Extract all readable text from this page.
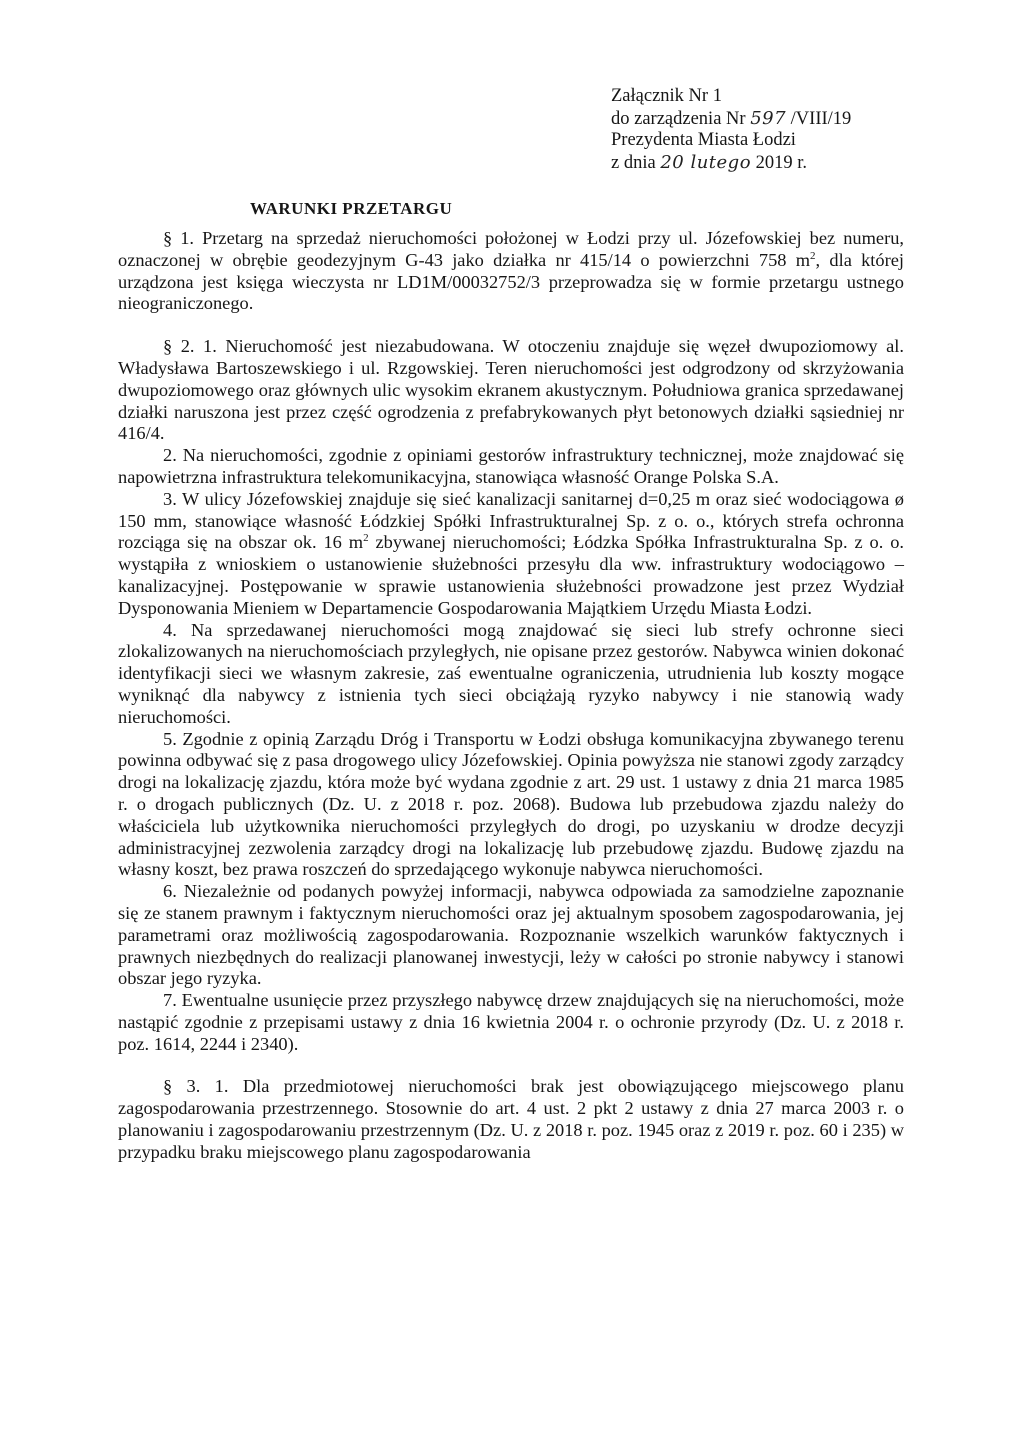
Załącznik Nr 1
do zarządzenia Nr 597 /VIII/19
Prezydenta Miasta Łodzi
z dnia 20 lutego 2019 r.
WARUNKI PRZETARGU

§ 1. Przetarg na sprzedaż nieruchomości położonej w Łodzi przy ul. Józefowskiej bez numeru, oznaczonej w obrębie geodezyjnym G-43 jako działka nr 415/14 o powierzchni 758 $m^2$, dla której urządzona jest księga wieczysta nr LD1M/00032752/3 przeprowadza się w formie przetargu ustnego nieograniczonego.

§ 2. 1. Nieruchomość jest niezabudowana. W otoczeniu znajduje się węzeł dwupoziomowy al. Władysława Bartoszewskiego i ul. Rzgowskiej. Teren nieruchomości jest odgrodzony od skrzyżowania dwupoziomowego oraz głównych ulic wysokim ekranem akustycznym. Południowa granica sprzedawanej działki naruszona jest przez część ogrodzenia z prefabrykowanych płyt betonowych działki sąsiedniej nr 416/4.

2. Na nieruchomości, zgodnie z opiniami gestorów infrastruktury technicznej, może znajdować się napowietrzna infrastruktura telekomunikacyjna, stanowiąca własność Orange Polska S.A.

3. W ulicy Józefowskiej znajduje się sieć kanalizacji sanitarnej d=0,25 m oraz sieć wodociągowa ø 150 mm, stanowiące własność Łódzkiej Spółki Infrastrukturalnej Sp. z o. o., których strefa ochronna rozciąga się na obszar ok. 16 $m^2$ zbywanej nieruchomości; Łódzka Spółka Infrastrukturalna Sp. z o. o. wystąpiła z wnioskiem o ustanowienie służebności przesyłu dla ww. infrastruktury wodociągowo – kanalizacyjnej. Postępowanie w sprawie ustanowienia służebności prowadzone jest przez Wydział Dysponowania Mieniem w Departamencie Gospodarowania Majątkiem Urzędu Miasta Łodzi.

4. Na sprzedawanej nieruchomości mogą znajdować się sieci lub strefy ochronne sieci zlokalizowanych na nieruchomościach przyległych, nie opisane przez gestorów. Nabywca winien dokonać identyfikacji sieci we własnym zakresie, zaś ewentualne ograniczenia, utrudnienia lub koszty mogące wyniknąć dla nabywcy z istnienia tych sieci obciążają ryzyko nabywcy i nie stanowią wady nieruchomości.

5. Zgodnie z opinią Zarządu Dróg i Transportu w Łodzi obsługa komunikacyjna zbywanego terenu powinna odbywać się z pasa drogowego ulicy Józefowskiej. Opinia powyższa nie stanowi zgody zarządcy drogi na lokalizację zjazdu, która może być wydana zgodnie z art. 29 ust. 1 ustawy z dnia 21 marca 1985 r. o drogach publicznych (Dz. U. z 2018 r. poz. 2068). Budowa lub przebudowa zjazdu należy do właściciela lub użytkownika nieruchomości przyległych do drogi, po uzyskaniu w drodze decyzji administracyjnej zezwolenia zarządcy drogi na lokalizację lub przebudowę zjazdu. Budowę zjazdu na własny koszt, bez prawa roszczeń do sprzedającego wykonuje nabywca nieruchomości.

6. Niezależnie od podanych powyżej informacji, nabywca odpowiada za samodzielne zapoznanie się ze stanem prawnym i faktycznym nieruchomości oraz jej aktualnym sposobem zagospodarowania, jej parametrami oraz możliwością zagospodarowania. Rozpoznanie wszelkich warunków faktycznych i prawnych niezbędnych do realizacji planowanej inwestycji, leży w całości po stronie nabywcy i stanowi obszar jego ryzyka.

7. Ewentualne usunięcie przez przyszłego nabywcę drzew znajdujących się na nieruchomości, może nastąpić zgodnie z przepisami ustawy z dnia 16 kwietnia 2004 r. o ochronie przyrody (Dz. U. z 2018 r. poz. 1614, 2244 i 2340).

§ 3. 1. Dla przedmiotowej nieruchomości brak jest obowiązującego miejscowego planu zagospodarowania przestrzennego. Stosownie do art. 4 ust. 2 pkt 2 ustawy z dnia 27 marca 2003 r. o planowaniu i zagospodarowaniu przestrzennym (Dz. U. z 2018 r. poz. 1945 oraz z 2019 r. poz. 60 i 235) w przypadku braku miejscowego planu zagospodarowania
